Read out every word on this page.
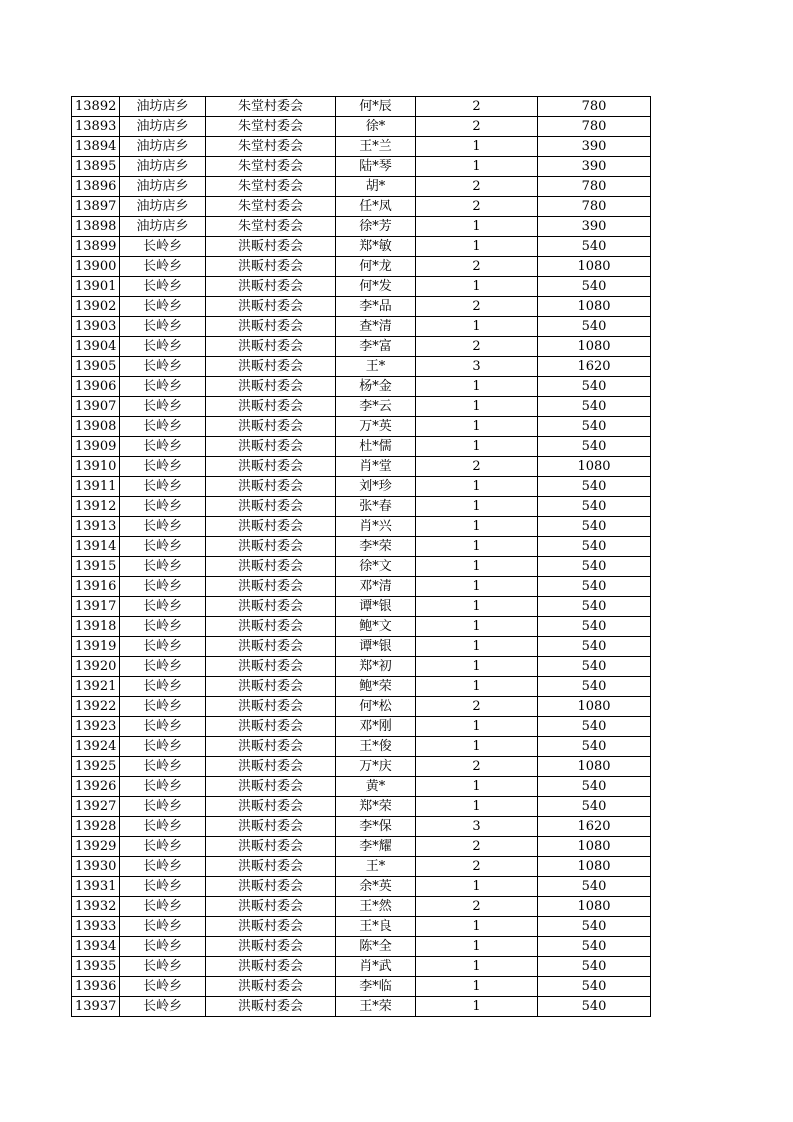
13892	油坊店乡	朱堂村委会	何*辰	2	780
13893	油坊店乡	朱堂村委会	徐*	2	780
13894	油坊店乡	朱堂村委会	王*兰	1	390
13895	油坊店乡	朱堂村委会	陆*琴	1	390
13896	油坊店乡	朱堂村委会	胡*	2	780
13897	油坊店乡	朱堂村委会	任*凤	2	780
13898	油坊店乡	朱堂村委会	徐*芳	1	390
13899	长岭乡	洪畈村委会	郑*敏	1	540
13900	长岭乡	洪畈村委会	何*龙	2	1080
13901	长岭乡	洪畈村委会	何*发	1	540
13902	长岭乡	洪畈村委会	李*品	2	1080
13903	长岭乡	洪畈村委会	查*清	1	540
13904	长岭乡	洪畈村委会	李*富	2	1080
13905	长岭乡	洪畈村委会	王*	3	1620
13906	长岭乡	洪畈村委会	杨*金	1	540
13907	长岭乡	洪畈村委会	李*云	1	540
13908	长岭乡	洪畈村委会	万*英	1	540
13909	长岭乡	洪畈村委会	杜*儒	1	540
13910	长岭乡	洪畈村委会	肖*堂	2	1080
13911	长岭乡	洪畈村委会	刘*珍	1	540
13912	长岭乡	洪畈村委会	张*春	1	540
13913	长岭乡	洪畈村委会	肖*兴	1	540
13914	长岭乡	洪畈村委会	李*荣	1	540
13915	长岭乡	洪畈村委会	徐*文	1	540
13916	长岭乡	洪畈村委会	邓*清	1	540
13917	长岭乡	洪畈村委会	谭*银	1	540
13918	长岭乡	洪畈村委会	鲍*文	1	540
13919	长岭乡	洪畈村委会	谭*银	1	540
13920	长岭乡	洪畈村委会	郑*初	1	540
13921	长岭乡	洪畈村委会	鲍*荣	1	540
13922	长岭乡	洪畈村委会	何*松	2	1080
13923	长岭乡	洪畈村委会	邓*刚	1	540
13924	长岭乡	洪畈村委会	王*俊	1	540
13925	长岭乡	洪畈村委会	万*庆	2	1080
13926	长岭乡	洪畈村委会	黄*	1	540
13927	长岭乡	洪畈村委会	郑*荣	1	540
13928	长岭乡	洪畈村委会	李*保	3	1620
13929	长岭乡	洪畈村委会	李*耀	2	1080
13930	长岭乡	洪畈村委会	王*	2	1080
13931	长岭乡	洪畈村委会	余*英	1	540
13932	长岭乡	洪畈村委会	王*然	2	1080
13933	长岭乡	洪畈村委会	王*良	1	540
13934	长岭乡	洪畈村委会	陈*全	1	540
13935	长岭乡	洪畈村委会	肖*武	1	540
13936	长岭乡	洪畈村委会	李*临	1	540
13937	长岭乡	洪畈村委会	王*荣	1	540
